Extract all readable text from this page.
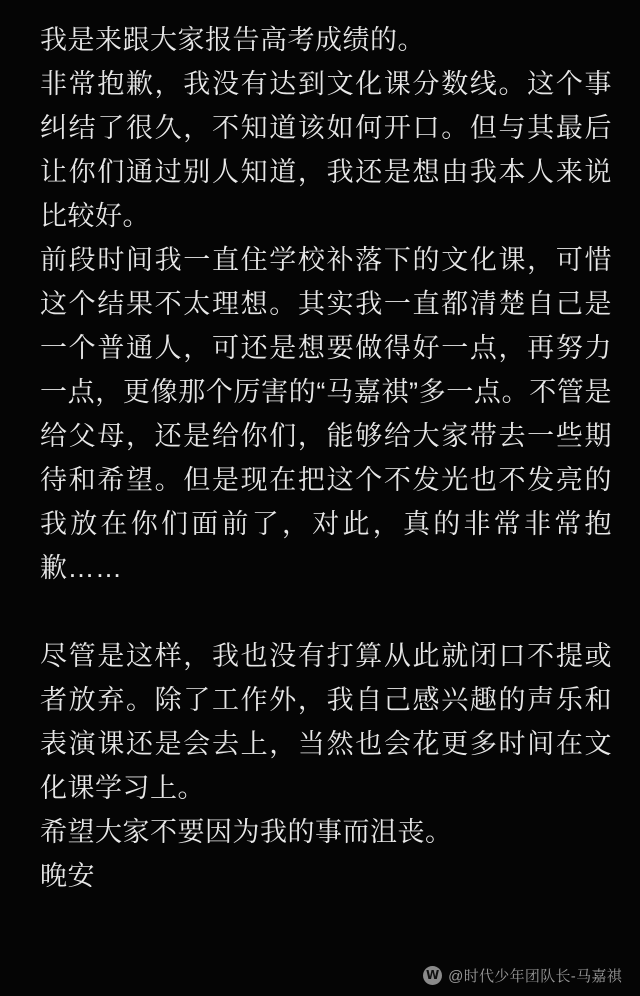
我是来跟大家报告高考成绩的。

非常抱歉，我没有达到文化课分数线。这个事纠结了很久，不知道该如何开口。但与其最后让你们通过别人知道，我还是想由我本人来说比较好。

前段时间我一直住学校补落下的文化课，可惜这个结果不太理想。其实我一直都清楚自己是一个普通人，可还是想要做得好一点，再努力一点，更像那个厉害的“马嘉祺”多一点。不管是给父母，还是给你们，能够给大家带去一些期待和希望。但是现在把这个不发光也不发亮的我放在你们面前了，对此，真的非常非常抱歉……

尽管是这样，我也没有打算从此就闭口不提或者放弃。除了工作外，我自己感兴趣的声乐和表演课还是会去上，当然也会花更多时间在文化课学习上。

希望大家不要因为我的事而沮丧。

晚安

W @时代少年团队长-马嘉祺
